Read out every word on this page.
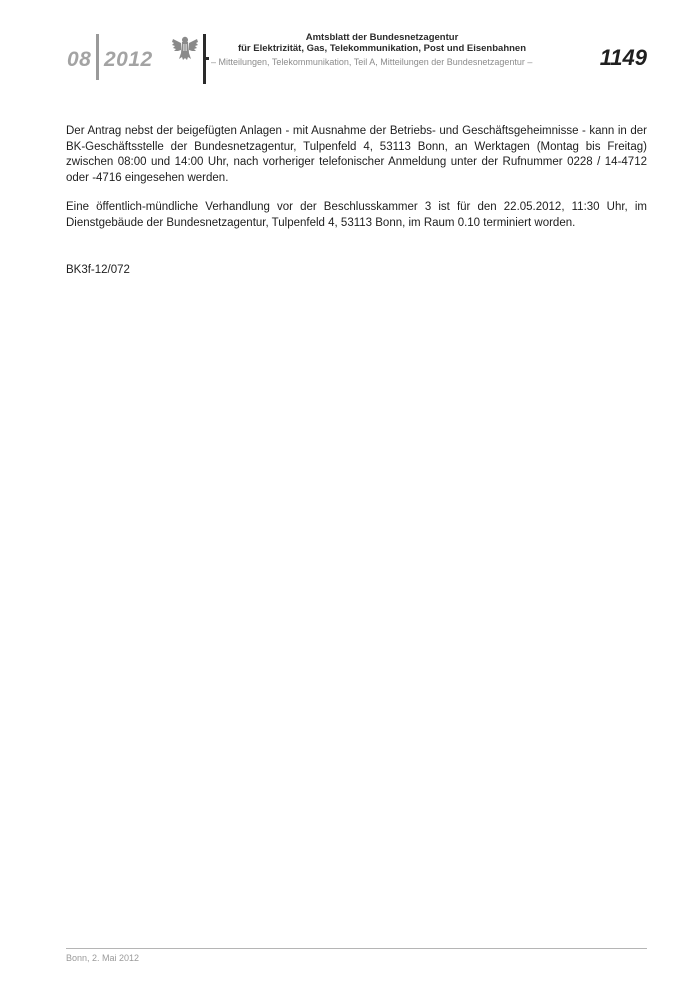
08 2012
Amtsblatt der Bundesnetzagentur
für Elektrizität, Gas, Telekommunikation, Post und Eisenbahnen
– Mitteilungen, Telekommunikation, Teil A, Mitteilungen der Bundesnetzagentur –	1149

Der Antrag nebst der beigefügten Anlagen - mit Ausnahme der Betriebs- und Geschäftsgeheimnisse - kann in der BK-Geschäftsstelle der Bundesnetzagentur, Tulpenfeld 4, 53113 Bonn, an Werktagen (Montag bis Freitag) zwischen 08:00 und 14:00 Uhr, nach vorheriger telefonischer Anmeldung unter der Rufnummer 0228 / 14-4712 oder -4716 eingesehen werden.

Eine öffentlich-mündliche Verhandlung vor der Beschlusskammer 3 ist für den 22.05.2012, 11:30 Uhr, im Dienstgebäude der Bundesnetzagentur, Tulpenfeld 4, 53113 Bonn, im Raum 0.10 terminiert worden.

BK3f-12/072
Bonn, 2. Mai 2012
